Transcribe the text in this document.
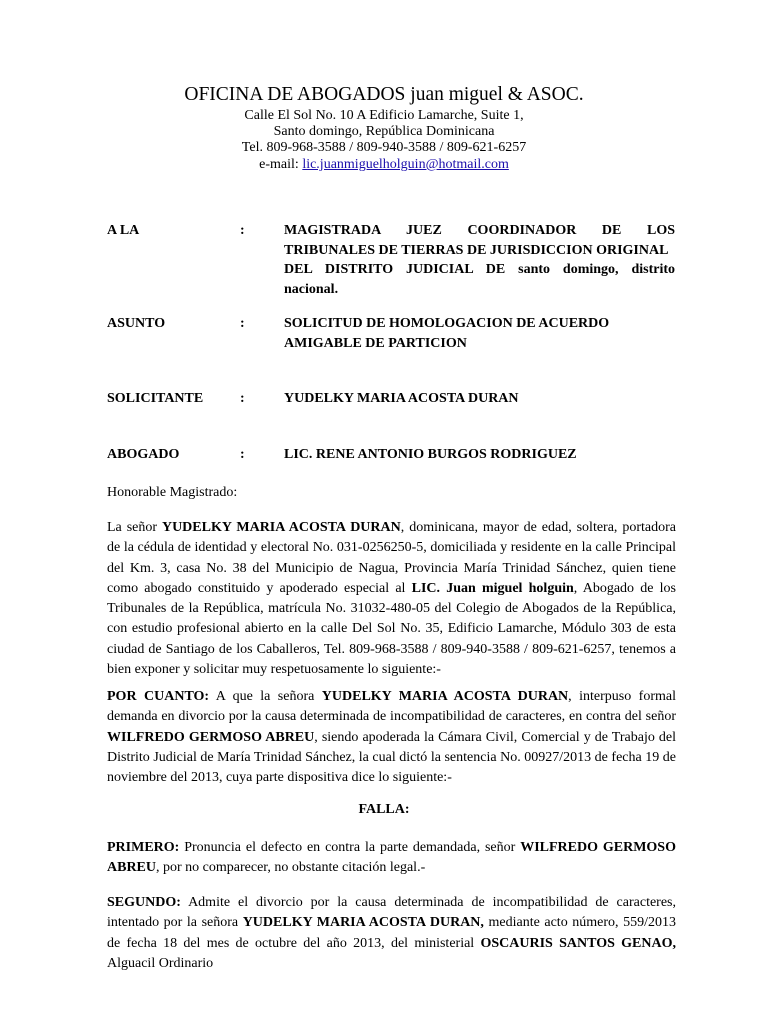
OFICINA DE ABOGADOS juan miguel & ASOC.
Calle El Sol No. 10 A Edificio Lamarche, Suite 1,
Santo domingo, República Dominicana
Tel. 809-968-3588 / 809-940-3588 / 809-621-6257
e-mail: lic.juanmiguelholguin@hotmail.com
A LA	:	MAGISTRADA JUEZ COORDINADOR DE LOS
TRIBUNALES DE TIERRAS DE JURISDICCION ORIGINAL
DEL DISTRITO JUDICIAL DE santo domingo, distrito nacional.
ASUNTO	:	SOLICITUD DE HOMOLOGACION DE ACUERDO
AMIGABLE DE PARTICION
SOLICITANTE	:	YUDELKY MARIA ACOSTA DURAN
ABOGADO	:	LIC. RENE ANTONIO BURGOS RODRIGUEZ
Honorable Magistrado:
La señor YUDELKY MARIA ACOSTA DURAN, dominicana, mayor de edad, soltera, portadora de la cédula de identidad y electoral No. 031-0256250-5, domiciliada y residente en la calle Principal del Km. 3, casa No. 38 del Municipio de Nagua, Provincia María Trinidad Sánchez, quien tiene como abogado constituido y apoderado especial al LIC. Juan miguel holguin, Abogado de los Tribunales de la República, matrícula No. 31032-480-05 del Colegio de Abogados de la República, con estudio profesional abierto en la calle Del Sol No. 35, Edificio Lamarche, Módulo 303 de esta ciudad de Santiago de los Caballeros, Tel. 809-968-3588 / 809-940-3588 / 809-621-6257, tenemos a bien exponer y solicitar muy respetuosamente lo siguiente:-
POR CUANTO: A que la señora YUDELKY MARIA ACOSTA DURAN, interpuso formal demanda en divorcio por la causa determinada de incompatibilidad de caracteres, en contra del señor WILFREDO GERMOSO ABREU, siendo apoderada la Cámara Civil, Comercial y de Trabajo del Distrito Judicial de María Trinidad Sánchez, la cual dictó la sentencia No. 00927/2013 de fecha 19 de noviembre del 2013, cuya parte dispositiva dice lo siguiente:-
FALLA:
PRIMERO: Pronuncia el defecto en contra la parte demandada, señor WILFREDO GERMOSO ABREU, por no comparecer, no obstante citación legal.-
SEGUNDO: Admite el divorcio por la causa determinada de incompatibilidad de caracteres, intentado por la señora YUDELKY MARIA ACOSTA DURAN, mediante acto número, 559/2013 de fecha 18 del mes de octubre del año 2013, del ministerial OSCAURIS SANTOS GENAO, Alguacil Ordinario
